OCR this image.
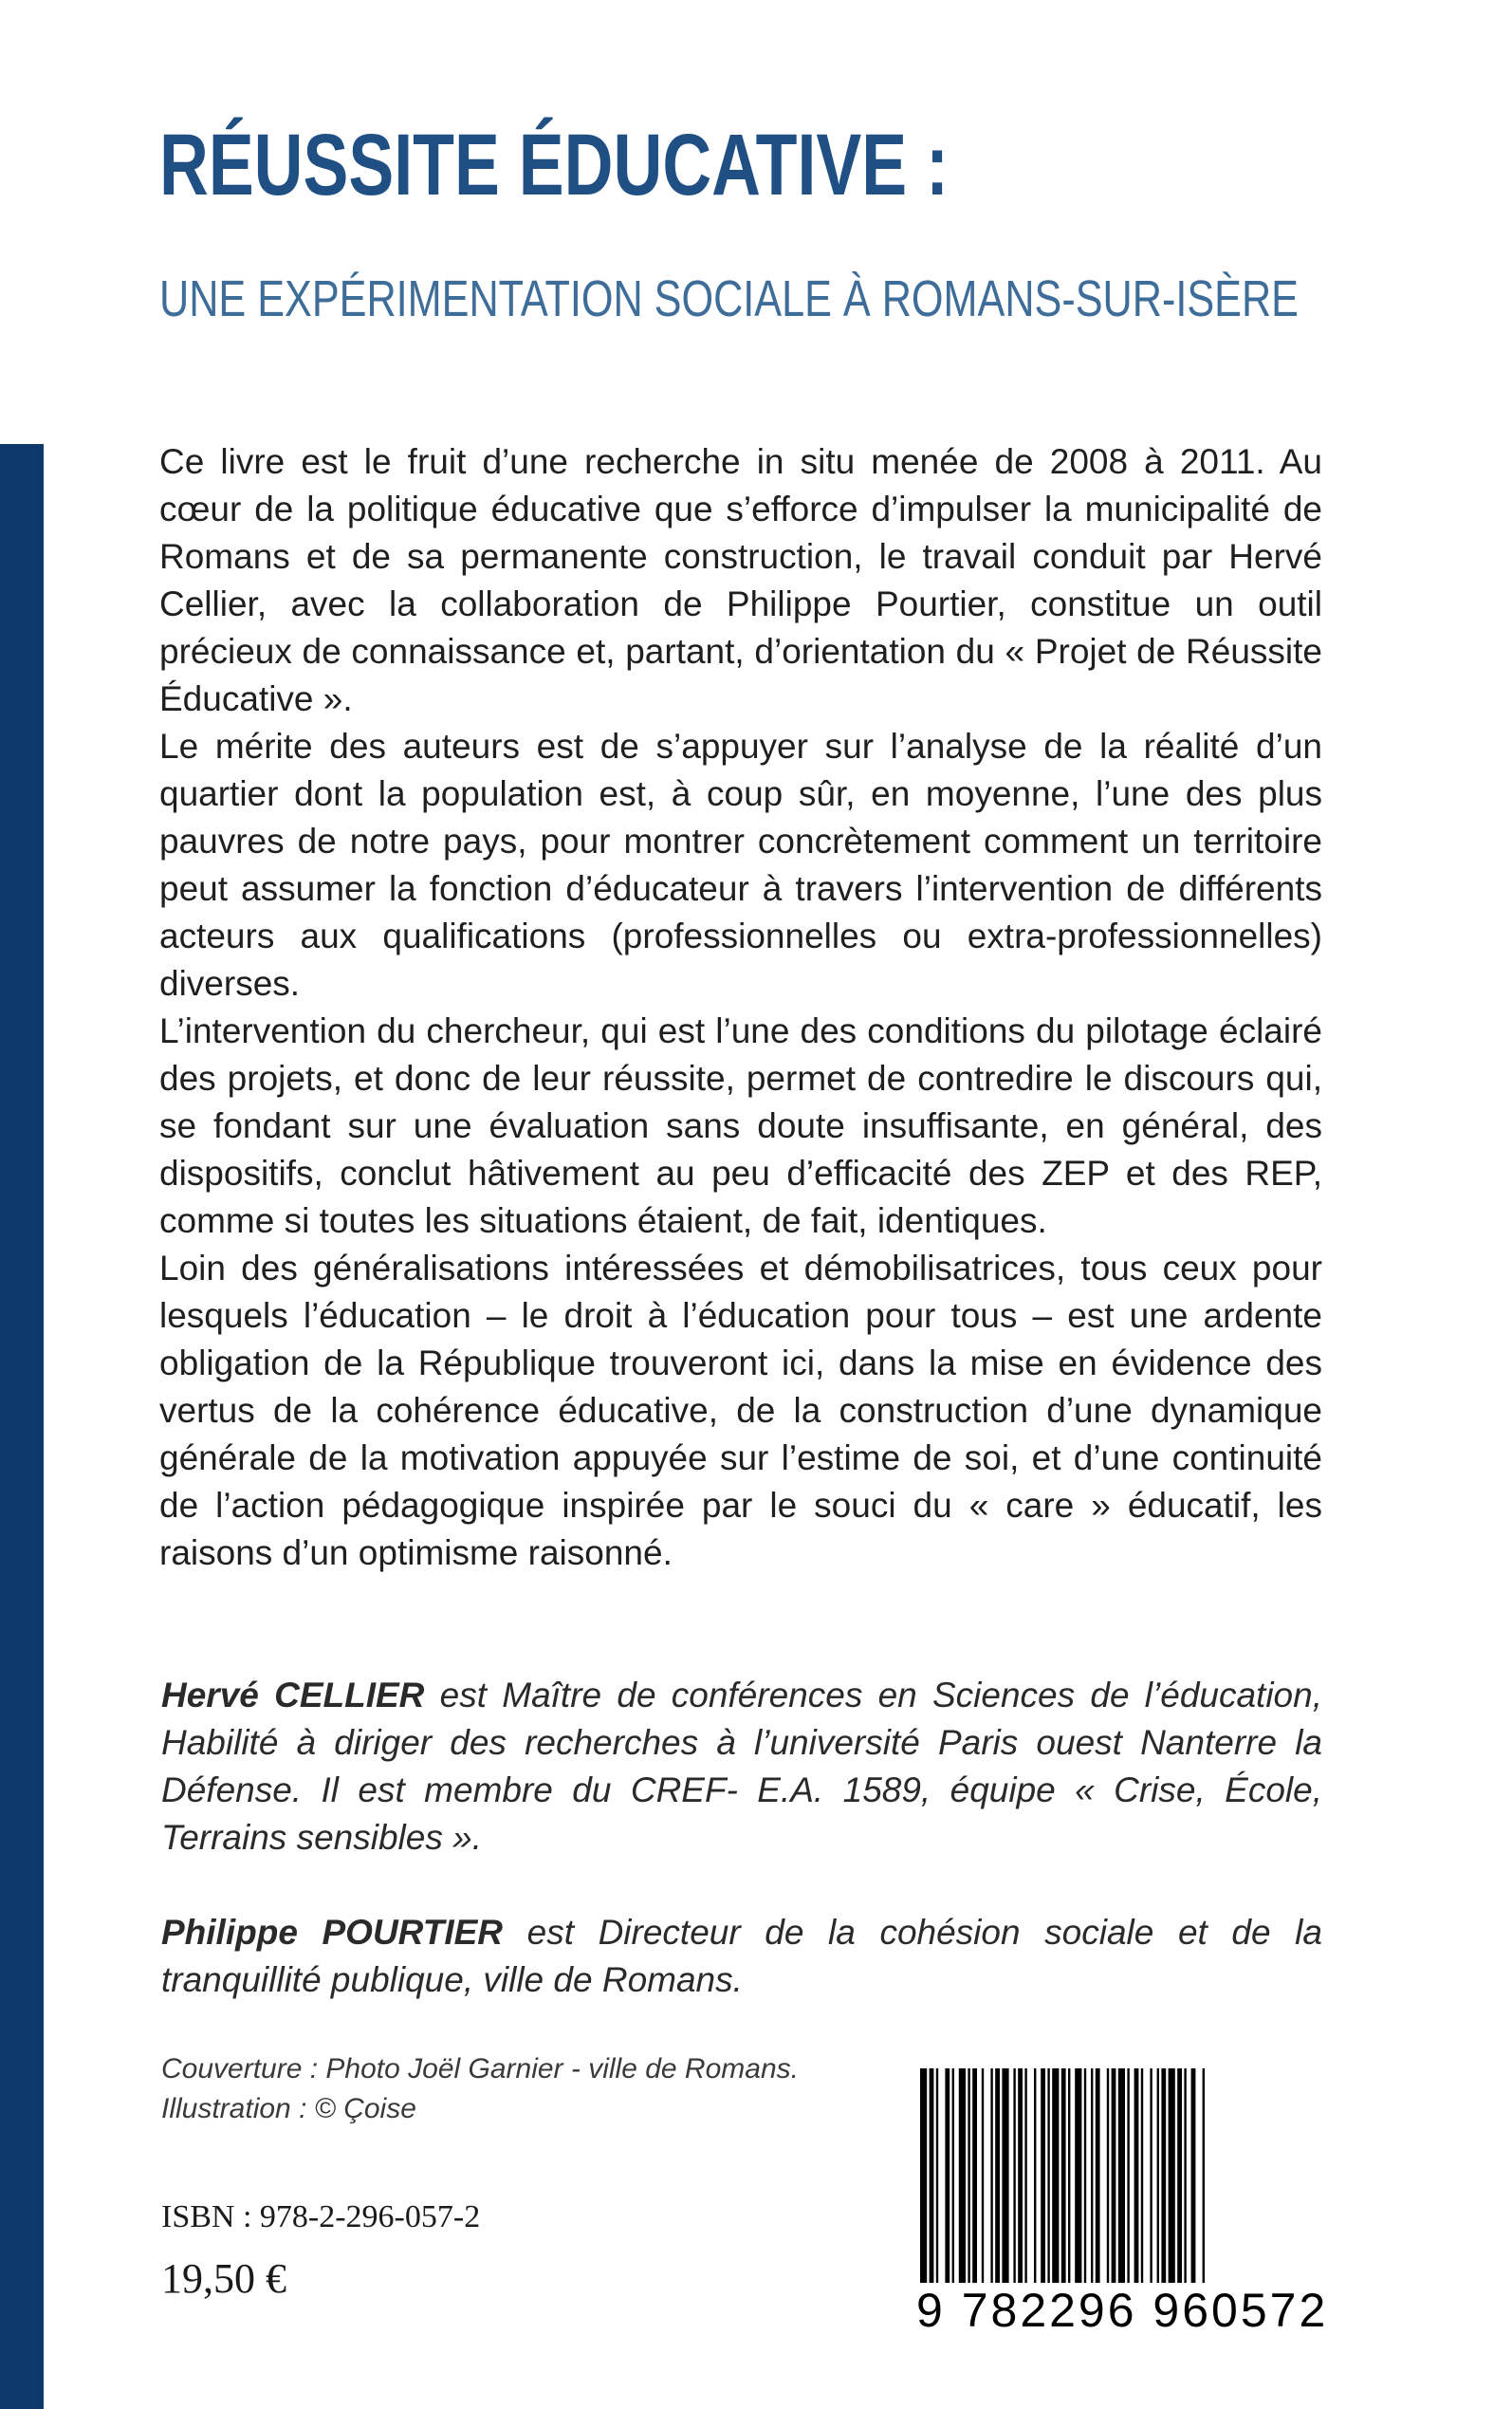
RÉUSSITE ÉDUCATIVE :
UNE EXPÉRIMENTATION SOCIALE À ROMANS-SUR-ISÈRE

Ce livre est le fruit d’une recherche in situ menée de 2008 à 2011. Au cœur de la politique éducative que s’efforce d’impulser la municipalité de Romans et de sa permanente construction, le travail conduit par Hervé Cellier, avec la collaboration de Philippe Pourtier, constitue un outil précieux de connaissance et, partant, d’orientation du « Projet de Réussite Éducative ».

Le mérite des auteurs est de s’appuyer sur l’analyse de la réalité d’un quartier dont la population est, à coup sûr, en moyenne, l’une des plus pauvres de notre pays, pour montrer concrètement comment un territoire peut assumer la fonction d’éducateur à travers l’intervention de différents acteurs aux qualifications (professionnelles ou extra-professionnelles) diverses.

L’intervention du chercheur, qui est l’une des conditions du pilotage éclairé des projets, et donc de leur réussite, permet de contredire le discours qui, se fondant sur une évaluation sans doute insuffisante, en général, des dispositifs, conclut hâtivement au peu d’efficacité des ZEP et des REP, comme si toutes les situations étaient, de fait, identiques.

Loin des généralisations intéressées et démobilisatrices, tous ceux pour lesquels l’éducation – le droit à l’éducation pour tous – est une ardente obligation de la République trouveront ici, dans la mise en évidence des vertus de la cohérence éducative, de la construction d’une dynamique générale de la motivation appuyée sur l’estime de soi, et d’une continuité de l’action pédagogique inspirée par le souci du « care » éducatif, les raisons d’un optimisme raisonné.

Hervé CELLIER est Maître de conférences en Sciences de l’éducation, Habilité à diriger des recherches à l’université Paris ouest Nanterre la Défense. Il est membre du CREF- E.A. 1589, équipe « Crise, École, Terrains sensibles ».

Philippe POURTIER est Directeur de la cohésion sociale et de la tranquillité publique, ville de Romans.

Couverture : Photo Joël Garnier - ville de Romans.
Illustration : © Çoise
ISBN : 978-2-296-057-2
19,50 €
9 782296 960572
